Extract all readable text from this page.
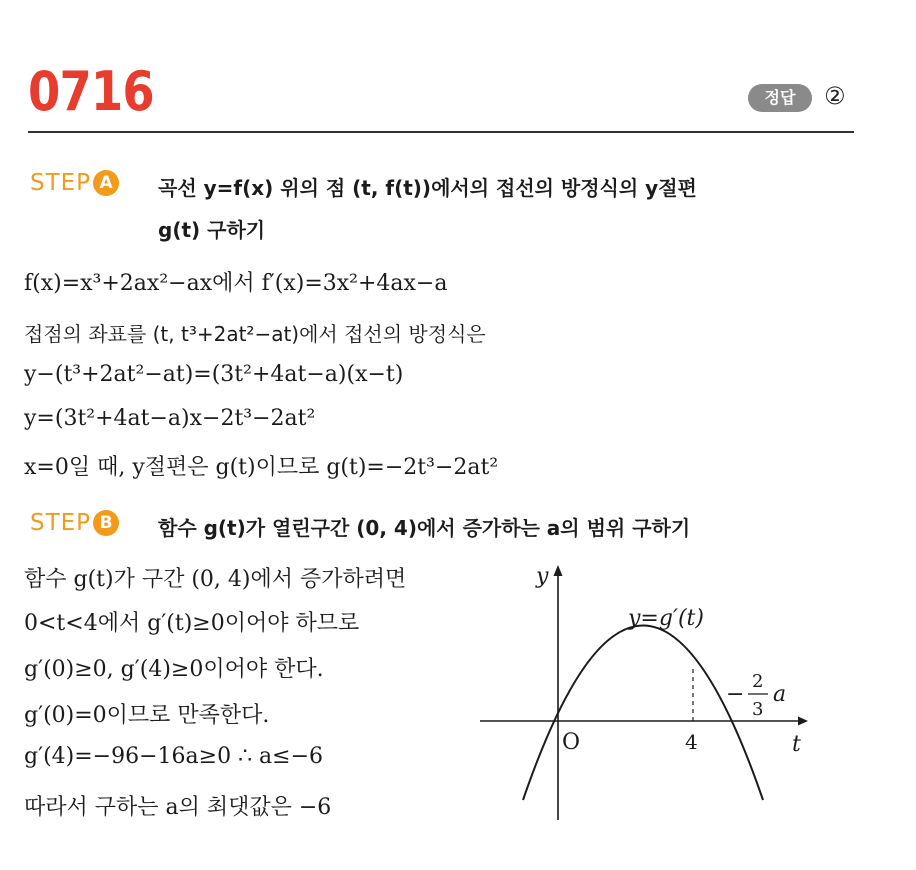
0716	정답	②
STEP A	곡선 y=f(x) 위의 점 (t, f(t))에서의 접선의 방정식의 y절편
g(t) 구하기
f(x)=x³+2ax²−ax에서 f′(x)=3x²+4ax−a
접점의 좌표를 (t, t³+2at²−at)에서 접선의 방정식은
y−(t³+2at²−at)=(3t²+4at−a)(x−t)
y=(3t²+4at−a)x−2t³−2at²
x=0일 때, y절편은 g(t)이므로 g(t)=−2t³−2at²
STEP B	함수 g(t)가 열린구간 (0, 4)에서 증가하는 a의 범위 구하기
함수 g(t)가 구간 (0, 4)에서 증가하려면
0<t<4에서 g′(t)≥0이어야 하므로
g′(0)≥0, g′(4)≥0이어야 한다.
g′(0)=0이므로 만족한다.
g′(4)=−96−16a≥0 ∴ a≤−6
따라서 구하는 a의 최댓값은 −6
y
t
O	4
y=g′(t)
−
2
3
a
